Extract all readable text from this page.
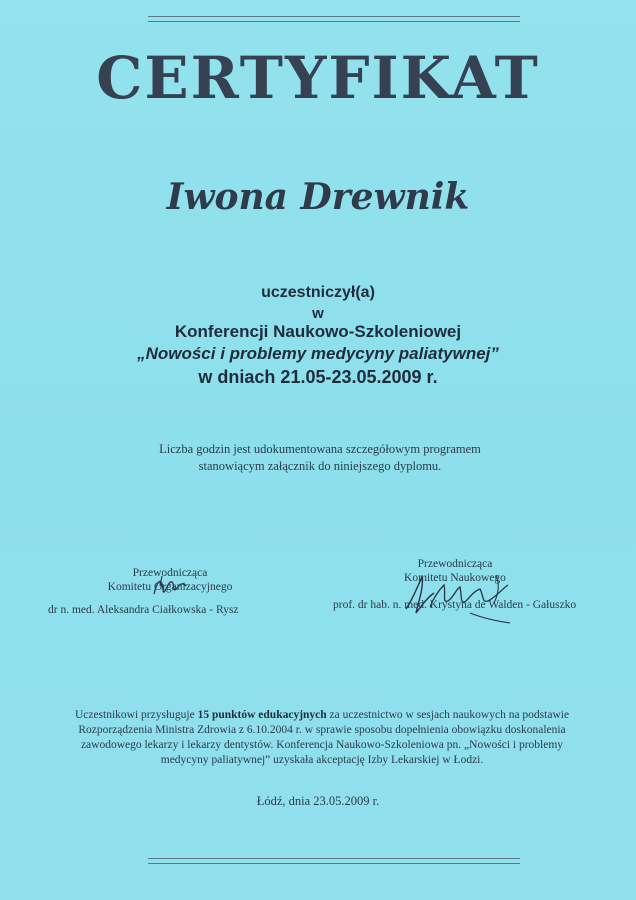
CERTYFIKAT
Iwona Drewnik
uczestniczył(a)
w
Konferencji Naukowo-Szkoleniowej
„Nowości i problemy medycyny paliatywnej”
w dniach 21.05-23.05.2009 r.
Liczba godzin jest udokumentowana szczegółowym programem
stanowiącym załącznik do niniejszego dyplomu.
Przewodnicząca
Komitetu Organizacyjnego
dr n. med. Aleksandra Ciałkowska - Rysz
Przewodnicząca
Komitetu Naukowego
prof. dr hab. n. med. Krystyna de Walden - Gałuszko
Uczestnikowi przysługuje 15 punktów edukacyjnych za uczestnictwo w sesjach naukowych na podstawie Rozporządzenia Ministra Zdrowia z 6.10.2004 r. w sprawie sposobu dopełnienia obowiązku doskonalenia zawodowego lekarzy i lekarzy dentystów. Konferencja Naukowo-Szkoleniowa pn. „Nowości i problemy medycyny paliatywnej” uzyskała akceptację Izby Lekarskiej w Łodzi.
Łódź, dnia 23.05.2009 r.
